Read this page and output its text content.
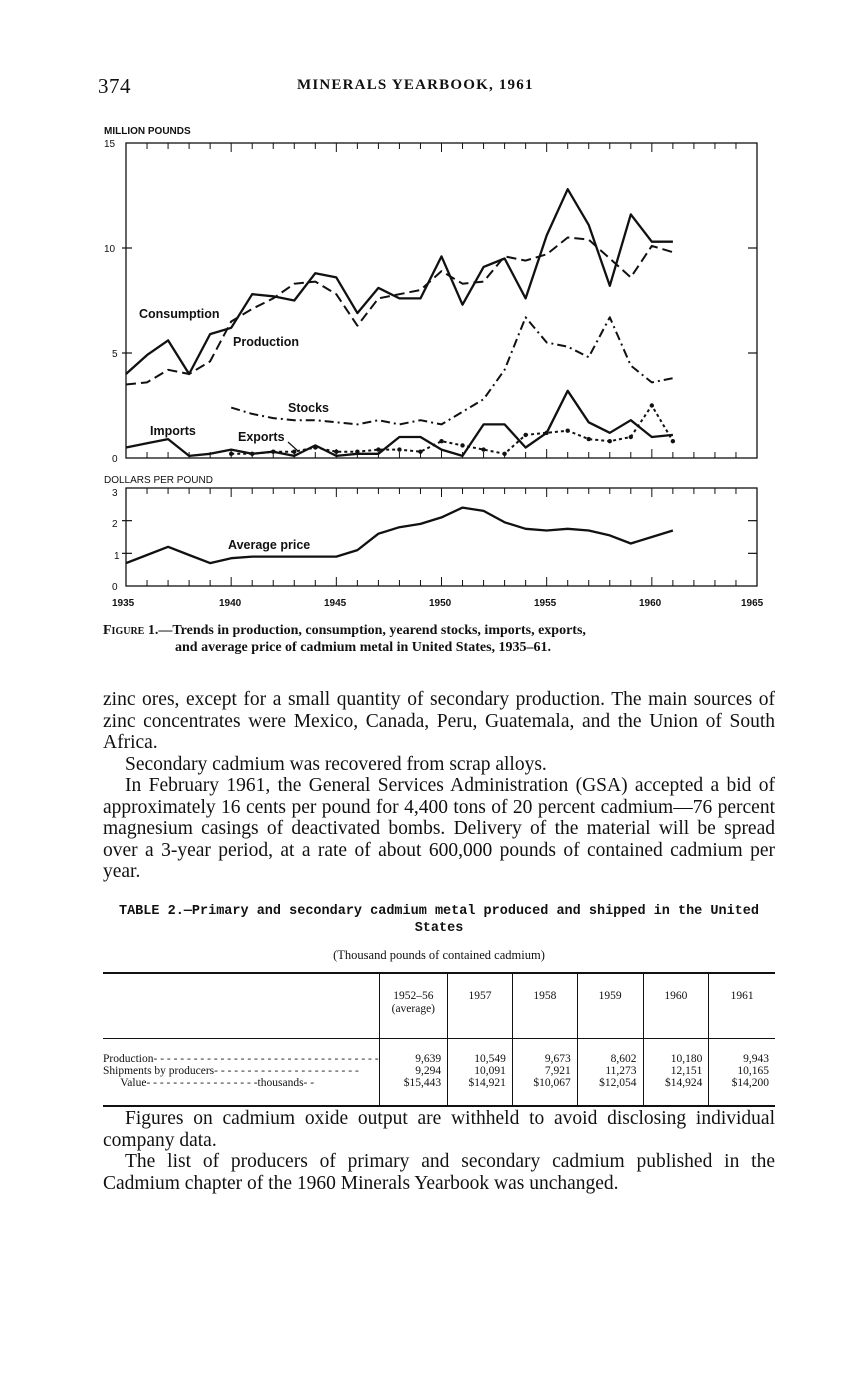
374	MINERALS YEARBOOK, 1961
MILLION POUNDS
15
10
5
0
Consumption
Production
Stocks
Imports	Exports
DOLLARS PER POUND
3
2
1
0
Average price
1935	1940	1945	1950	1955	1960	1965
Figure 1.—Trends in production, consumption, yearend stocks, imports, exports,
and average price of cadmium metal in United States, 1935–61.

zinc ores, except for a small quantity of secondary production. The main sources of zinc concentrates were Mexico, Canada, Peru, Guatemala, and the Union of South Africa.

Secondary cadmium was recovered from scrap alloys.

In February 1961, the General Services Administration (GSA) accepted a bid of approximately 16 cents per pound for 4,400 tons of 20 percent cadmium—76 percent magnesium casings of deactivated bombs. Delivery of the material will be spread over a 3-year period, at a rate of about 600,000 pounds of contained cadmium per year.

TABLE 2.—Primary and secondary cadmium metal produced and shipped in the United States
(Thousand pounds of contained cadmium)
	1952–56 (average)	1957	1958	1959	1960	1961
Production- - - - - - - - - - - - - - - - - - - - - - - - - - - - - - - - - -	9,639	10,549	9,673	8,602	10,180	9,943
Shipments by producers- - - - - - - - - - - - - - - - - - - - - -	9,294	10,091	7,921	11,273	12,151	10,165
Value- - - - - - - - - - - - - - - - -thousands- -	$15,443	$14,921	$10,067	$12,054	$14,924	$14,200

Figures on cadmium oxide output are withheld to avoid disclosing individual company data.

The list of producers of primary and secondary cadmium published in the Cadmium chapter of the 1960 Minerals Yearbook was unchanged.
